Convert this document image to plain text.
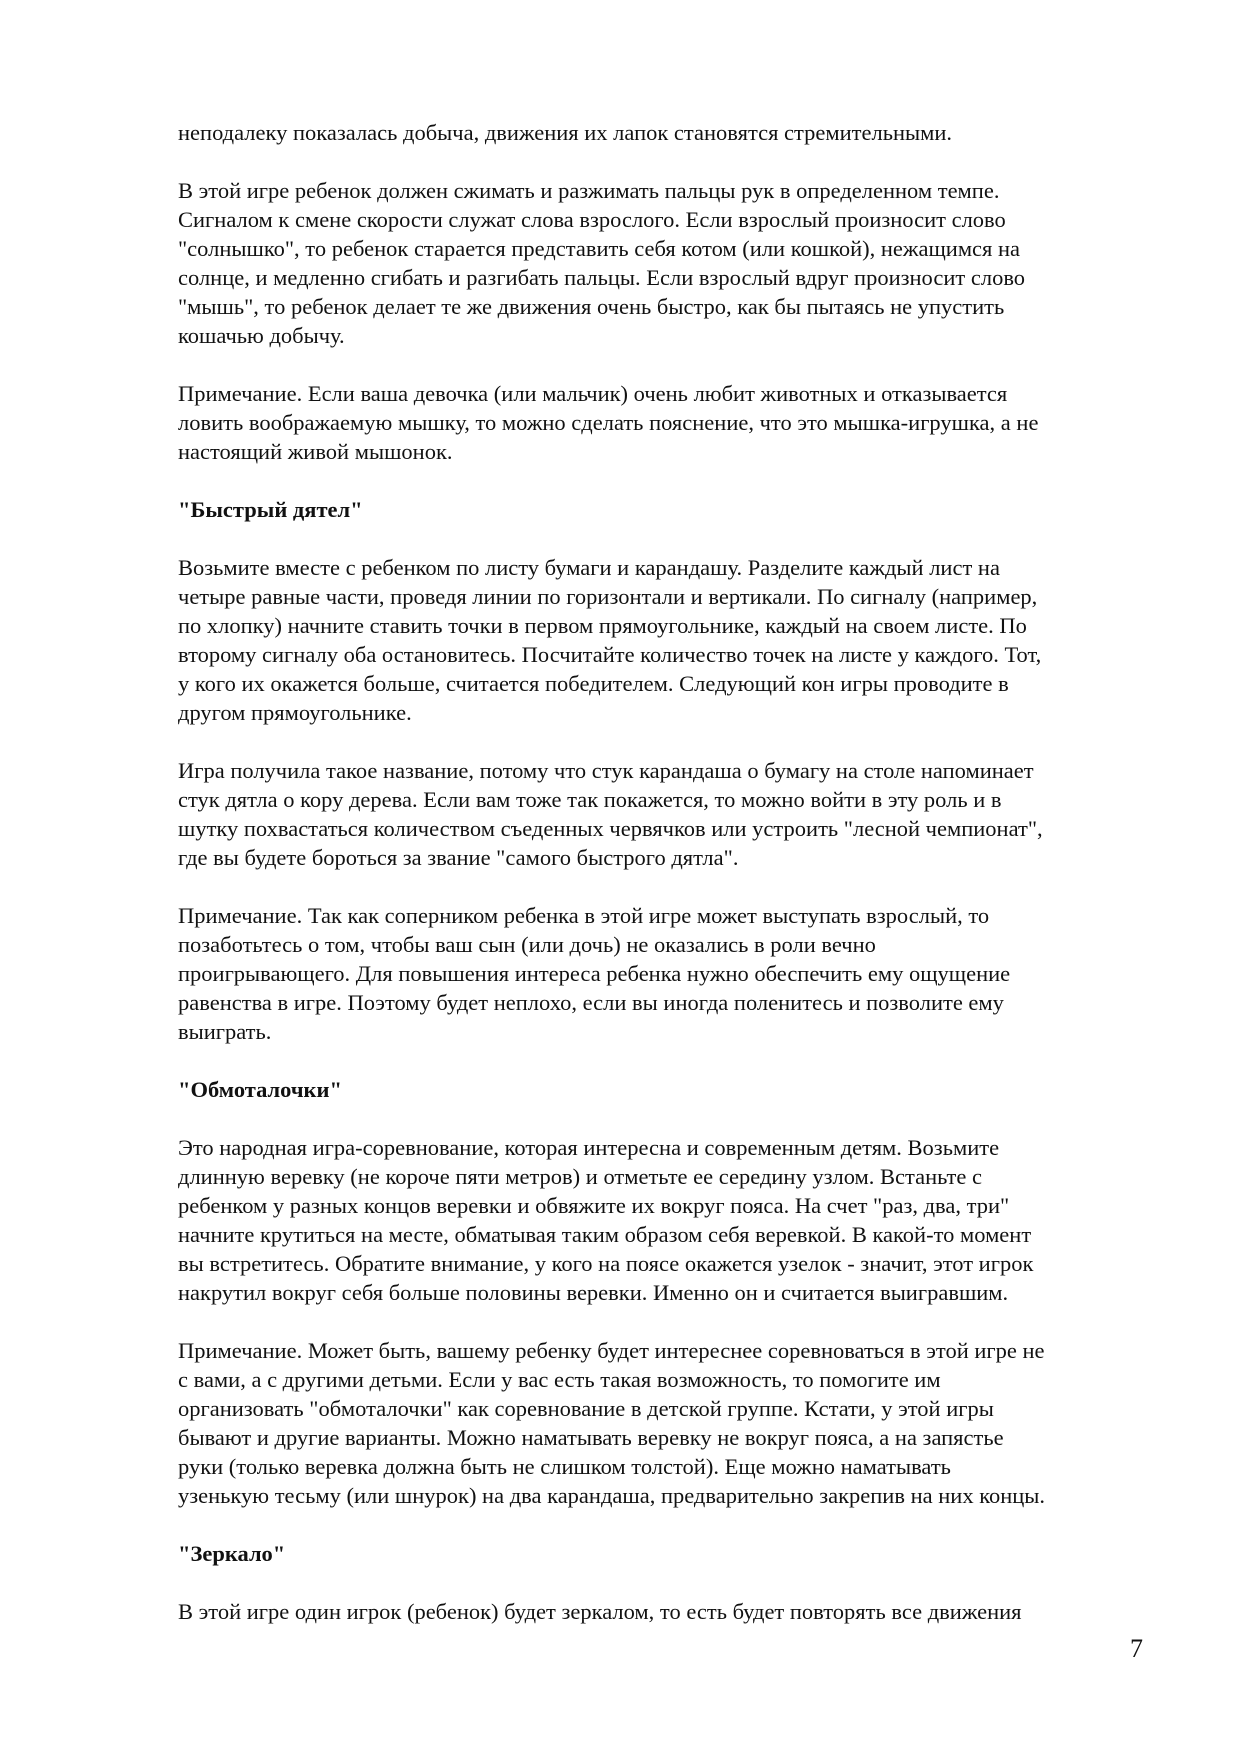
неподалеку показалась добыча, движения их лапок становятся стремительными.
В этой игре ребенок должен сжимать и разжимать пальцы рук в определенном темпе.
Сигналом к смене скорости служат слова взрослого. Если взрослый произносит слово
"солнышко", то ребенок старается представить себя котом (или кошкой), нежащимся на
солнце, и медленно сгибать и разгибать пальцы. Если взрослый вдруг произносит слово
"мышь", то ребенок делает те же движения очень быстро, как бы пытаясь не упустить
кошачью добычу.
Примечание. Если ваша девочка (или мальчик) очень любит животных и отказывается
ловить воображаемую мышку, то можно сделать пояснение, что это мышка-игрушка, а не
настоящий живой мышонок.
"Быстрый дятел"
Возьмите вместе с ребенком по листу бумаги и карандашу. Разделите каждый лист на
четыре равные части, проведя линии по горизонтали и вертикали. По сигналу (например,
по хлопку) начните ставить точки в первом прямоугольнике, каждый на своем листе. По
второму сигналу оба остановитесь. Посчитайте количество точек на листе у каждого. Тот,
у кого их окажется больше, считается победителем. Следующий кон игры проводите в
другом прямоугольнике.
Игра получила такое название, потому что стук карандаша о бумагу на столе напоминает
стук дятла о кору дерева. Если вам тоже так покажется, то можно войти в эту роль и в
шутку похвастаться количеством съеденных червячков или устроить "лесной чемпионат",
где вы будете бороться за звание "самого быстрого дятла".
Примечание. Так как соперником ребенка в этой игре может выступать взрослый, то
позаботьтесь о том, чтобы ваш сын (или дочь) не оказались в роли вечно
проигрывающего. Для повышения интереса ребенка нужно обеспечить ему ощущение
равенства в игре. Поэтому будет неплохо, если вы иногда поленитесь и позволите ему
выиграть.
"Обмоталочки"
Это народная игра-соревнование, которая интересна и современным детям. Возьмите
длинную веревку (не короче пяти метров) и отметьте ее середину узлом. Встаньте с
ребенком у разных концов веревки и обвяжите их вокруг пояса. На счет "раз, два, три"
начните крутиться на месте, обматывая таким образом себя веревкой. В какой-то момент
вы встретитесь. Обратите внимание, у кого на поясе окажется узелок - значит, этот игрок
накрутил вокруг себя больше половины веревки. Именно он и считается выигравшим.
Примечание. Может быть, вашему ребенку будет интереснее соревноваться в этой игре не
с вами, а с другими детьми. Если у вас есть такая возможность, то помогите им
организовать "обмоталочки" как соревнование в детской группе. Кстати, у этой игры
бывают и другие варианты. Можно наматывать веревку не вокруг пояса, а на запястье
руки (только веревка должна быть не слишком толстой). Еще можно наматывать
узенькую тесьму (или шнурок) на два карандаша, предварительно закрепив на них концы.
"Зеркало"
В этой игре один игрок (ребенок) будет зеркалом, то есть будет повторять все движения
7
